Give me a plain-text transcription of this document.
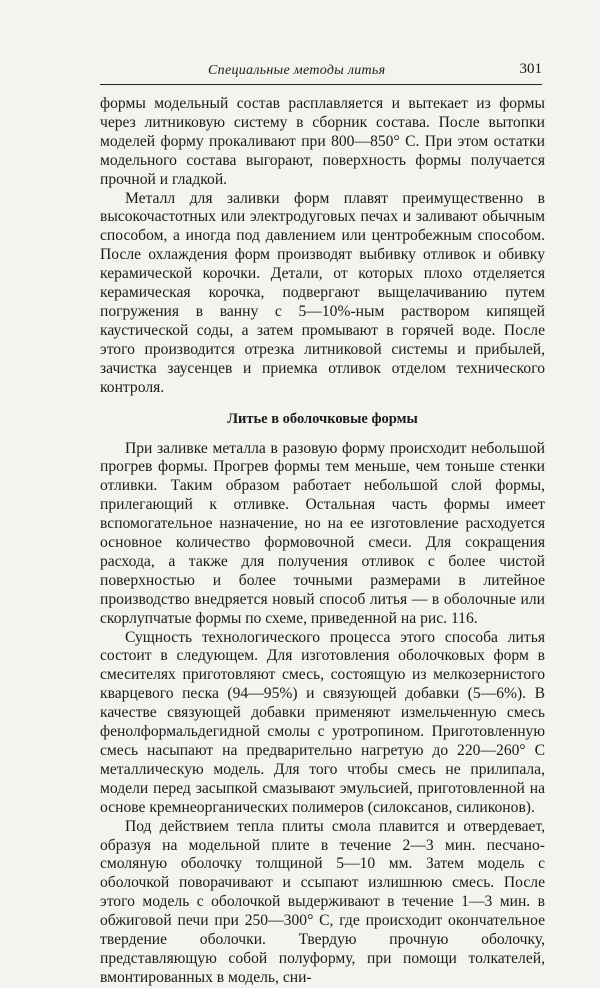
Специальные методы литья	301

формы модельный состав расплавляется и вытекает из формы через литниковую систему в сборник состава. После вытопки моделей форму прокаливают при 800—850° С. При этом остатки модельного состава выгорают, поверхность формы получается прочной и гладкой.

Металл для заливки форм плавят преимущественно в высокочастотных или электродуговых печах и заливают обычным способом, а иногда под давлением или центробежным способом. После охлаждения форм производят выбивку отливок и обивку керамической корочки. Детали, от которых плохо отделяется керамическая корочка, подвергают выщелачиванию путем погружения в ванну с 5—10%-ным раствором кипящей каустической соды, а затем промывают в горячей воде. После этого производится отрезка литниковой системы и прибылей, зачистка заусенцев и приемка отливок отделом технического контроля.

Литье в оболочковые формы

При заливке металла в разовую форму происходит небольшой прогрев формы. Прогрев формы тем меньше, чем тоньше стенки отливки. Таким образом работает небольшой слой формы, прилегающий к отливке. Остальная часть формы имеет вспомогательное назначение, но на ее изготовление расходуется основное количество формовочной смеси. Для сокращения расхода, а также для получения отливок с более чистой поверхностью и более точными размерами в литейное производство внедряется новый способ литья — в оболочные или скорлупчатые формы по схеме, приведенной на рис. 116.

Сущность технологического процесса этого способа литья состоит в следующем. Для изготовления оболочковых форм в смесителях приготовляют смесь, состоящую из мелкозернистого кварцевого песка (94—95%) и связующей добавки (5—6%). В качестве связующей добавки применяют измельченную смесь фенолформальдегидной смолы с уротропином. Приготовленную смесь насыпают на предварительно нагретую до 220—260° С металлическую модель. Для того чтобы смесь не прилипала, модели перед засыпкой смазывают эмульсией, приготовленной на основе кремнеорганических полимеров (силоксанов, силиконов).

Под действием тепла плиты смола плавится и отвердевает, образуя на модельной плите в течение 2—3 мин. песчано-смоляную оболочку толщиной 5—10 мм. Затем модель с оболочкой поворачивают и ссыпают излишнюю смесь. После этого модель с оболочкой выдерживают в течение 1—3 мин. в обжиговой печи при 250—300° С, где происходит окончательное твердение оболочки. Твердую прочную оболочку, представляющую собой полуформу, при помощи толкателей, вмонтированных в модель, сни-
